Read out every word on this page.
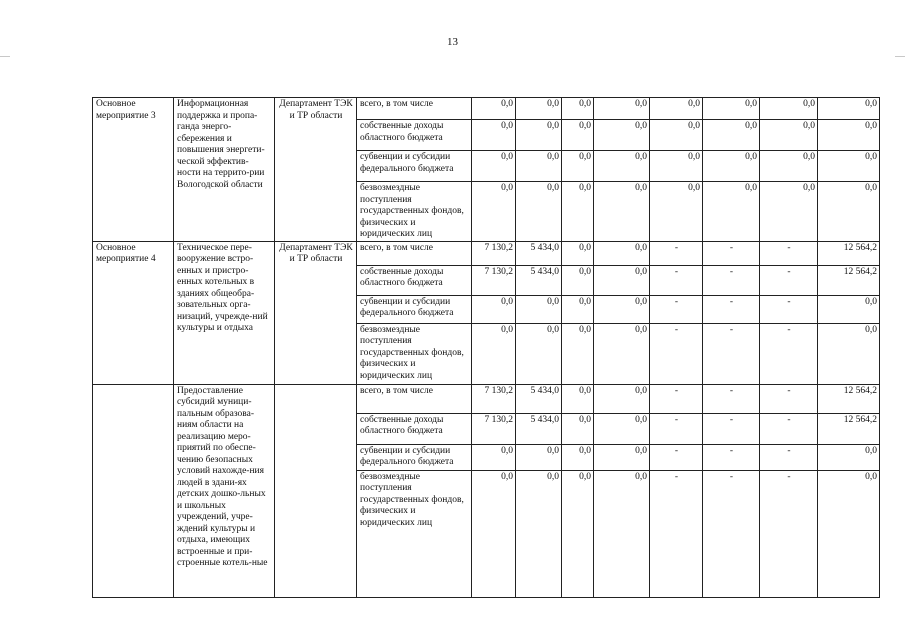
13
Основное мероприятие 3	Информационная поддержка и пропа-ганда энерго-сбережения и повышения энергети-ческой эффектив-ности на террито-рии Вологодской области	Департамент ТЭК и ТР области	всего, в том числе	0,0	0,0	0,0	0,0	0,0	0,0	0,0	0,0
			собственные доходы областного бюджета	0,0	0,0	0,0	0,0	0,0	0,0	0,0	0,0
			субвенции и субсидии федерального бюджета	0,0	0,0	0,0	0,0	0,0	0,0	0,0	0,0
			безвозмездные поступления государственных фондов, физических и юридических лиц	0,0	0,0	0,0	0,0	0,0	0,0	0,0	0,0
Основное мероприятие 4	Техническое пере-вооружение встро-енных и пристро-енных котельных в зданиях общеобра-зовательных орга-низаций, учрежде-ний культуры и отдыха	Департамент ТЭК и ТР области	всего, в том числе	7 130,2	5 434,0	0,0	0,0	-	-	-	12 564,2
			собственные доходы областного бюджета	7 130,2	5 434,0	0,0	0,0	-	-	-	12 564,2
			субвенции и субсидии федерального бюджета	0,0	0,0	0,0	0,0	-	-	-	0,0
			безвозмездные поступления государственных фондов, физических и юридических лиц	0,0	0,0	0,0	0,0	-	-	-	0,0
	Предоставление субсидий муници-пальным образова-ниям области на реализацию меро-приятий по обеспе-чению безопасных условий нахожде-ния людей в здани-ях детских дошко-льных и школьных учреждений, учре-ждений культуры и отдыха, имеющих встроенные и при-строенные котель-ные		всего, в том числе	7 130,2	5 434,0	0,0	0,0	-	-	-	12 564,2
			собственные доходы областного бюджета	7 130,2	5 434,0	0,0	0,0	-	-	-	12 564,2
			субвенции и субсидии федерального бюджета	0,0	0,0	0,0	0,0	-	-	-	0,0
			безвозмездные поступления государственных фондов, физических и юридических лиц	0,0	0,0	0,0	0,0	-	-	-	0,0
